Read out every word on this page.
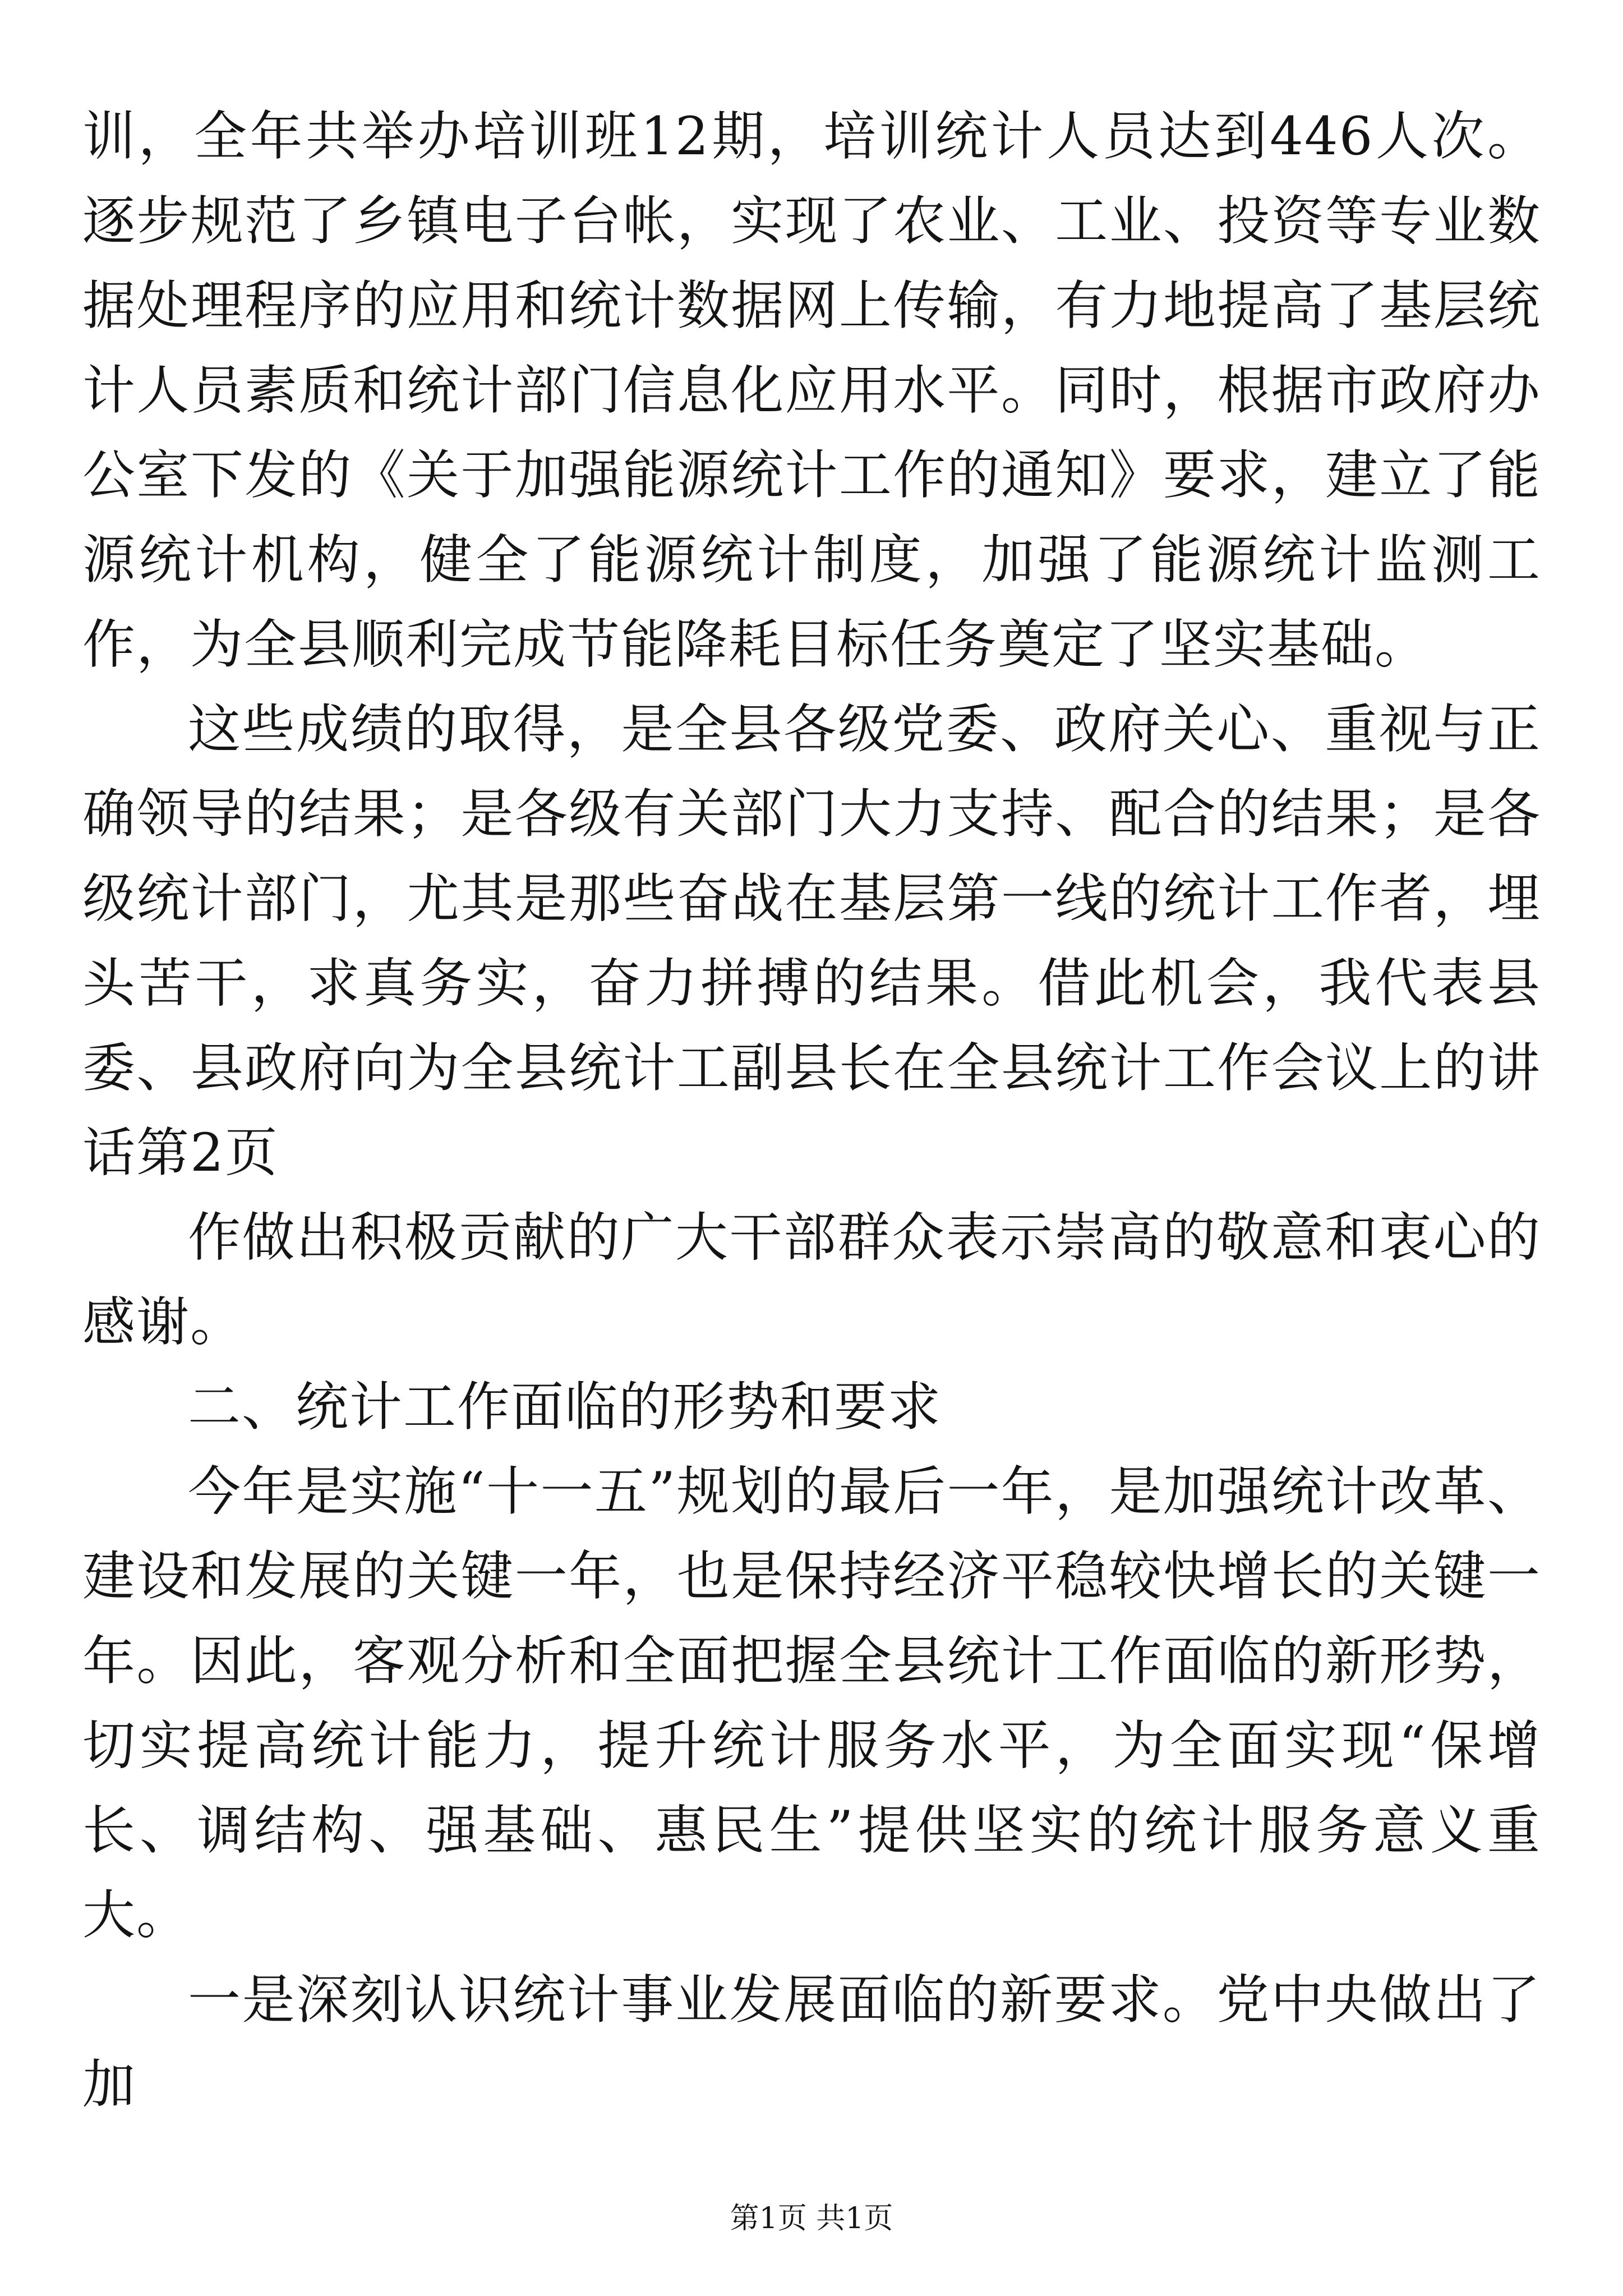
训，全年共举办培训班12期，培训统计人员达到446人次。逐步规范了乡镇电子台帐，实现了农业、工业、投资等专业数据处理程序的应用和统计数据网上传输，有力地提高了基层统计人员素质和统计部门信息化应用水平。同时，根据市政府办公室下发的《关于加强能源统计工作的通知》要求，建立了能源统计机构，健全了能源统计制度，加强了能源统计监测工作，为全县顺利完成节能降耗目标任务奠定了坚实基础。

这些成绩的取得，是全县各级党委、政府关心、重视与正确领导的结果；是各级有关部门大力支持、配合的结果；是各级统计部门，尤其是那些奋战在基层第一线的统计工作者，埋头苦干，求真务实，奋力拼搏的结果。借此机会，我代表县委、县政府向为全县统计工副县长在全县统计工作会议上的讲话第2页

作做出积极贡献的广大干部群众表示崇高的敬意和衷心的感谢。

二、统计工作面临的形势和要求

今年是实施“十一五”规划的最后一年，是加强统计改革、建设和发展的关键一年，也是保持经济平稳较快增长的关键一年。因此，客观分析和全面把握全县统计工作面临的新形势，切实提高统计能力，提升统计服务水平，为全面实现“保增长、调结构、强基础、惠民生”提供坚实的统计服务意义重大。

一是深刻认识统计事业发展面临的新要求。党中央做出了加

第1页 共1页
